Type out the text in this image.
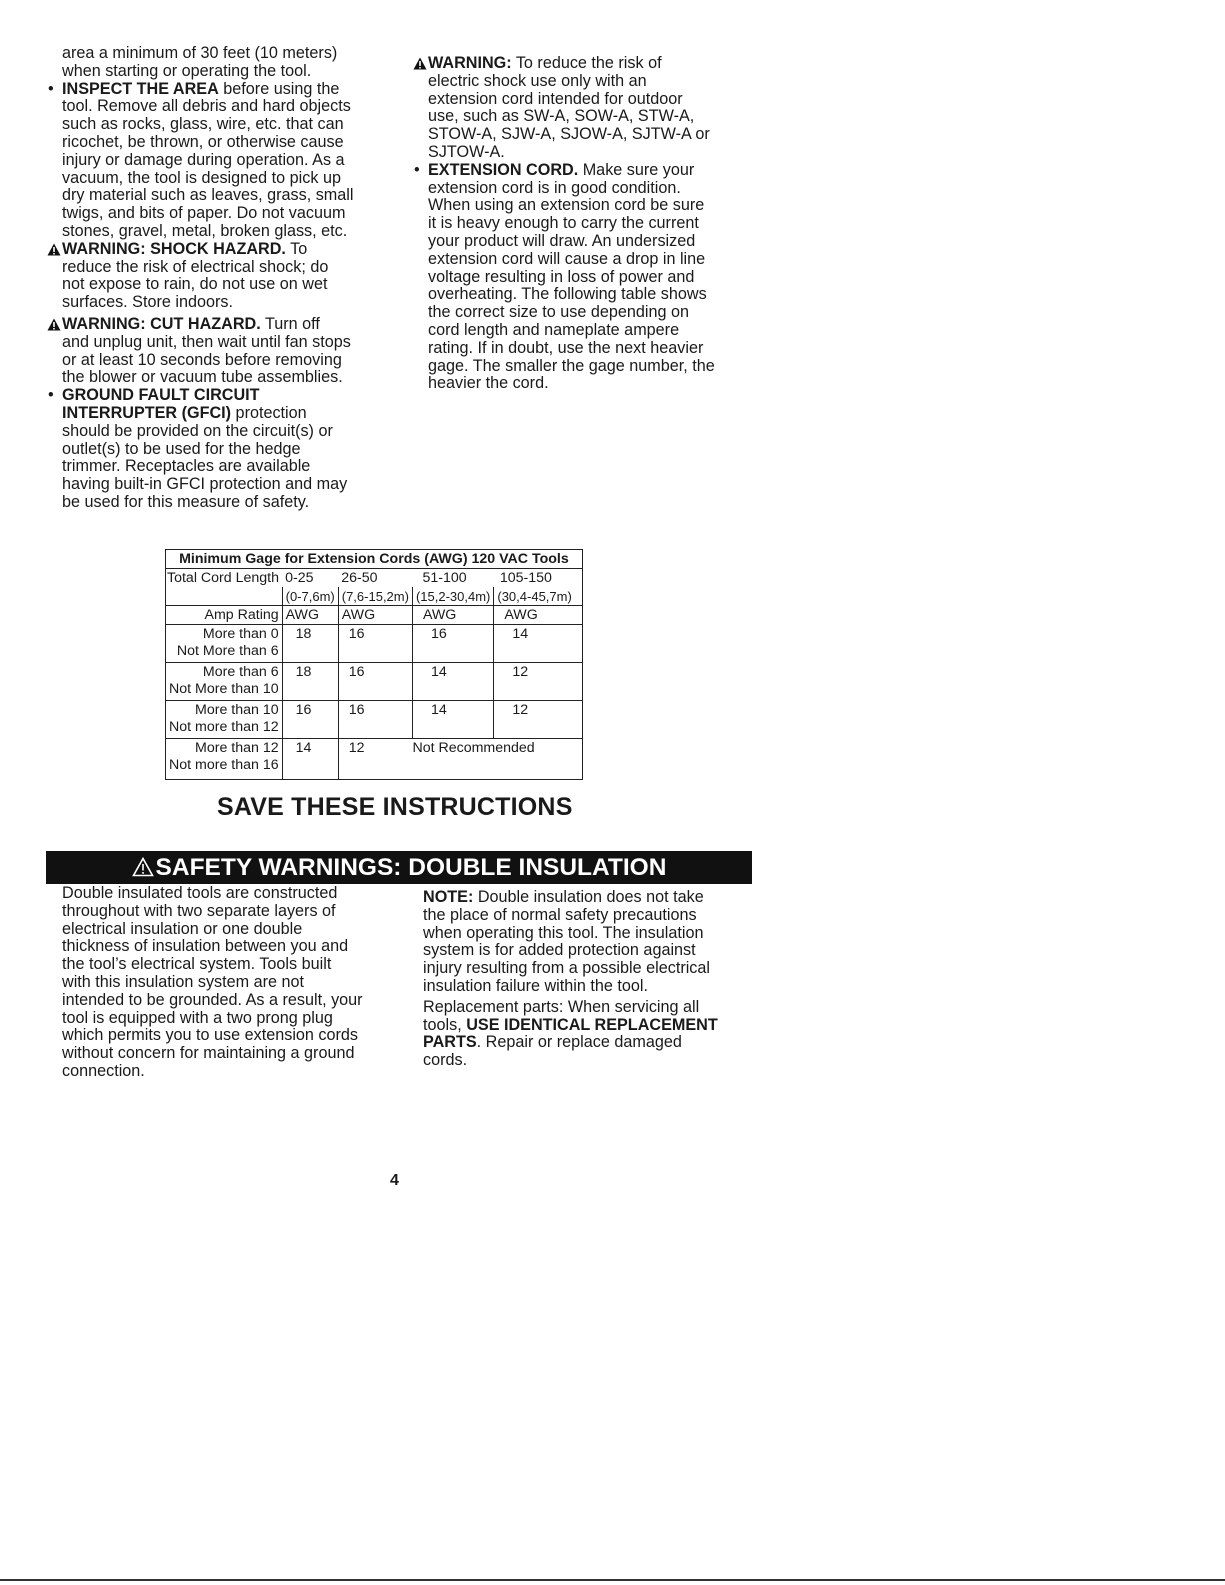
area a minimum of 30 feet (10 meters)

when starting or operating the tool.

• INSPECT THE AREA before using the

tool. Remove all debris and hard objects

such as rocks, glass, wire, etc. that can

ricochet, be thrown, or otherwise cause

injury or damage during operation. As a

vacuum, the tool is designed to pick up

dry material such as leaves, grass, small

twigs, and bits of paper. Do not vacuum

stones, gravel, metal, broken glass, etc.

WARNING: SHOCK HAZARD. To

reduce the risk of electrical shock; do

not expose to rain, do not use on wet

surfaces. Store indoors.

WARNING: CUT HAZARD. Turn off

and unplug unit, then wait until fan stops

or at least 10 seconds before removing

the blower or vacuum tube assemblies.

• GROUND FAULT CIRCUIT

INTERRUPTER (GFCI) protection

should be provided on the circuit(s) or

outlet(s) to be used for the hedge

trimmer. Receptacles are available

having built-in GFCI protection and may

be used for this measure of safety.

WARNING: To reduce the risk of

electric shock use only with an

extension cord intended for outdoor

use, such as SW-A, SOW-A, STW-A,

STOW-A, SJW-A, SJOW-A, SJTW-A or

SJTOW-A.

• EXTENSION CORD. Make sure your

extension cord is in good condition.

When using an extension cord be sure

it is heavy enough to carry the current

your product will draw. An undersized

extension cord will cause a drop in line

voltage resulting in loss of power and

overheating. The following table shows

the correct size to use depending on

cord length and nameplate ampere

rating. If in doubt, use the next heavier

gage. The smaller the gage number, the

heavier the cord.

Minimum Gage for Extension Cords (AWG) 120 VAC Tools				
Total Cord Length	0-25	26-50	51-100	105-150
	(0-7,6m)	(7,6-15,2m)	(15,2-30,4m)	(30,4-45,7m)
Amp Rating	AWG	AWG	AWG	AWG
More than 0
Not More than 6	18	16	16	14
More than 6
Not More than 10	18	16	14	12
More than 10
Not more than 12	16	16	14	12
More than 12
Not more than 16	14	12	Not Recommended	
SAVE THESE INSTRUCTIONS
SAFETY WARNINGS: DOUBLE INSULATION

Double insulated tools are constructed

throughout with two separate layers of

electrical insulation or one double

thickness of insulation between you and

the tool’s electrical system. Tools built

with this insulation system are not

intended to be grounded. As a result, your

tool is equipped with a two prong plug

which permits you to use extension cords

without concern for maintaining a ground

connection.

NOTE: Double insulation does not take

the place of normal safety precautions

when operating this tool. The insulation

system is for added protection against

injury resulting from a possible electrical

insulation failure within the tool.

Replacement parts: When servicing all

tools, USE IDENTICAL REPLACEMENT

PARTS. Repair or replace damaged

cords.

4
